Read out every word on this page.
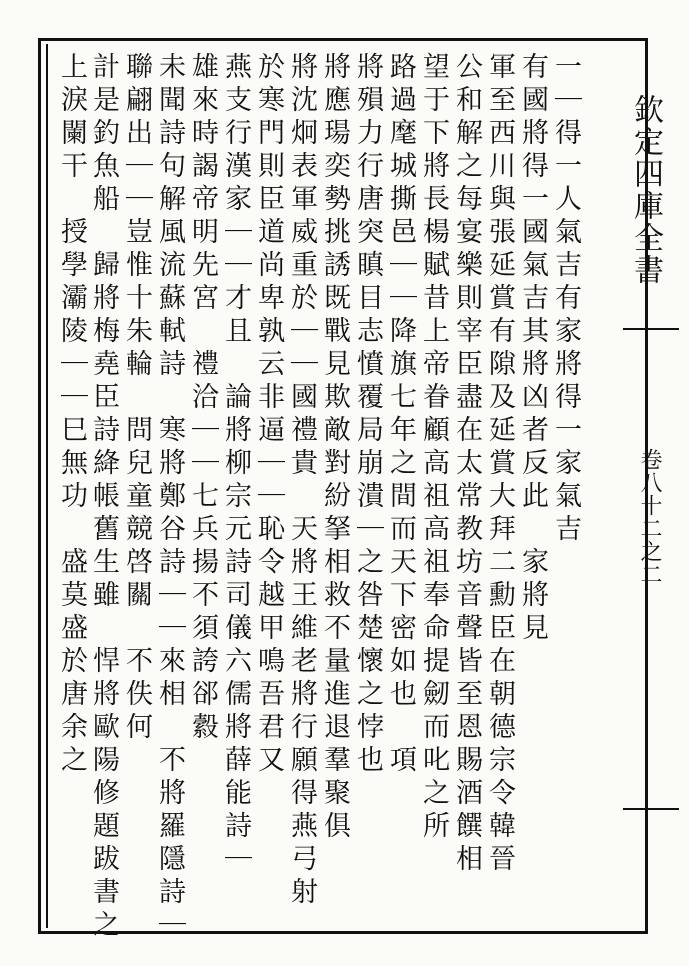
欽定四庫全書
卷八十二之二
一｜得一人氣吉有家將得一家氣吉
有國將得一國氣吉其將凶者反此　家將見
軍至西川與張延賞有隙及延賞大拜二勳臣在朝德宗令韓晉
公和解之每宴樂則宰臣盡在太常教坊音聲皆至恩賜酒饌相
望于下將長楊賦昔上帝眷顧高祖高祖奉命提劒而叱之所
路過麾城撕邑｜｜降旗七年之間而天下密如也　項
將殞力行唐突瞋目志憤覆局崩潰｜之咎楚懷之悖也
將應瑒奕勢挑誘既戰見欺敵對紛拏相救不量進退羣聚俱
將沈炯表軍威重於｜｜國禮貴　天將王維老將行願得燕弓射
於寒門則臣道尚卑孰云非逼｜｜恥令越甲鳴吾君又
燕支行漢家｜｜才且　論將柳宗元詩司儀六儒將薛能詩｜
雄來時謁帝明先宮　禮洽｜｜七兵揚不須誇郤縠
未聞詩句解風流蘇軾詩　寒將鄭谷詩｜｜來相　不將羅隱詩｜
聯翩出｜｜豈惟十朱輪　問兒童競啓關　不佚何
計是釣魚船　歸將梅堯臣詩絳帳舊生雖　悍將歐陽修題跋書之
上淚闌干　授學灞陵｜｜巳無功　盛莫盛於唐余之
